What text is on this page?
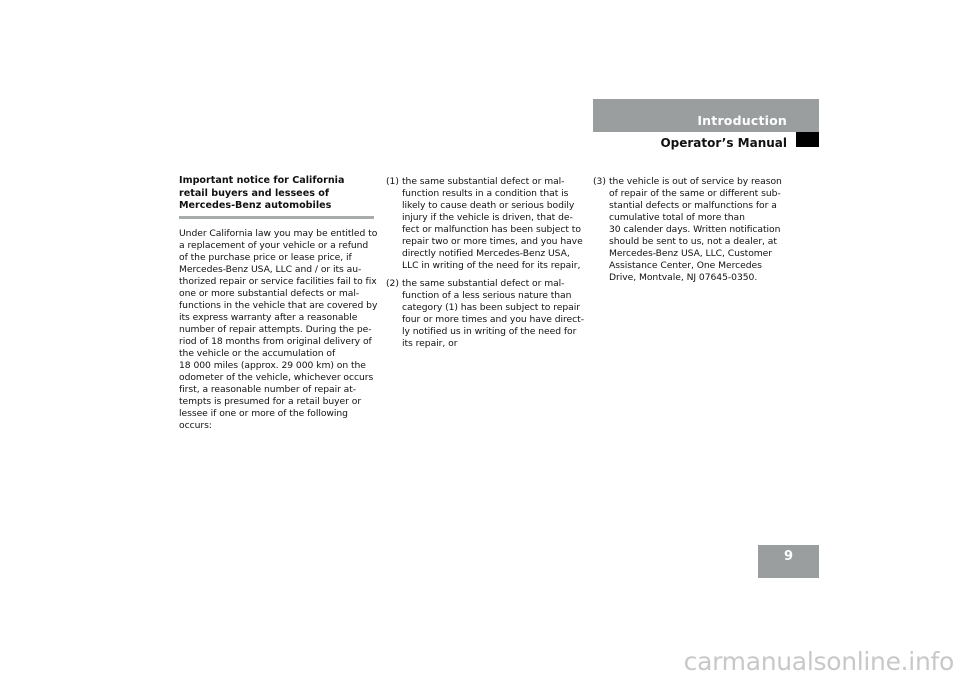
Introduction
Operator’s Manual
Important notice for California
retail buyers and lessees of
Mercedes-Benz automobiles
Under California law you may be entitled to
a replacement of your vehicle or a refund
of the purchase price or lease price, if
Mercedes-Benz USA, LLC and / or its au-
thorized repair or service facilities fail to fix
one or more substantial defects or mal-
functions in the vehicle that are covered by
its express warranty after a reasonable
number of repair attempts. During the pe-
riod of 18 months from original delivery of
the vehicle or the accumulation of
18 000 miles (approx. 29 000 km) on the
odometer of the vehicle, whichever occurs
first, a reasonable number of repair at-
tempts is presumed for a retail buyer or
lessee if one or more of the following
occurs:
(1) the same substantial defect or mal-
function results in a condition that is
likely to cause death or serious bodily
injury if the vehicle is driven, that de-
fect or malfunction has been subject to
repair two or more times, and you have
directly notified Mercedes-Benz USA,
LLC in writing of the need for its repair,
(2) the same substantial defect or mal-
function of a less serious nature than
category (1) has been subject to repair
four or more times and you have direct-
ly notified us in writing of the need for
its repair, or
(3) the vehicle is out of service by reason
of repair of the same or different sub-
stantial defects or malfunctions for a
cumulative total of more than
30 calender days. Written notification
should be sent to us, not a dealer, at
Mercedes-Benz USA, LLC, Customer
Assistance Center, One Mercedes
Drive, Montvale, NJ 07645-0350.
9
carmanualsonline.info
